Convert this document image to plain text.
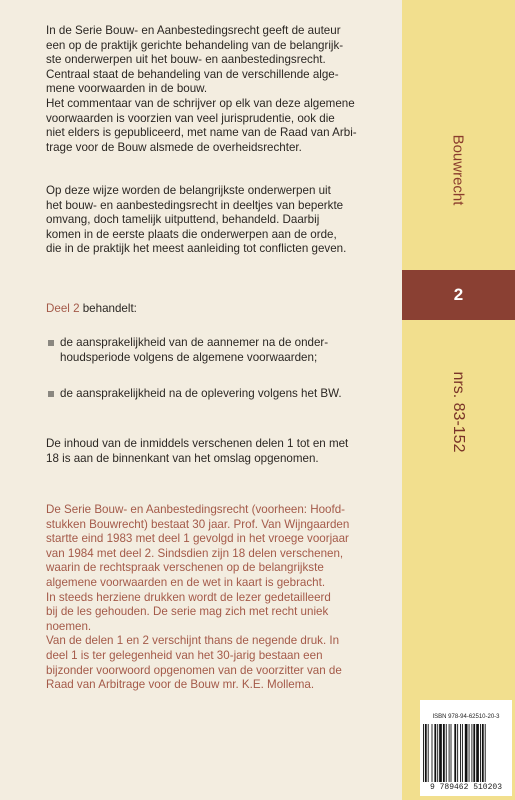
In de Serie Bouw- en Aanbestedingsrecht geeft de auteur
een op de praktijk gerichte behandeling van de belangrijk-
ste onderwerpen uit het bouw- en aanbestedingsrecht.
Centraal staat de behandeling van de verschillende alge-
mene voorwaarden in de bouw.
Het commentaar van de schrijver op elk van deze algemene
voorwaarden is voorzien van veel jurisprudentie, ook die
niet elders is gepubliceerd, met name van de Raad van Arbi-
trage voor de Bouw alsmede de overheidsrechter.

Op deze wijze worden de belangrijkste onderwerpen uit
het bouw- en aanbestedingsrecht in deeltjes van beperkte
omvang, doch tamelijk uitputtend, behandeld. Daarbij
komen in de eerste plaats die onderwerpen aan de orde,
die in de praktijk het meest aanleiding tot conflicten geven.

Deel 2 behandelt:
de aansprakelijkheid van de aannemer na de onder-
houdsperiode volgens de algemene voorwaarden;
de aansprakelijkheid na de oplevering volgens het BW.

De inhoud van de inmiddels verschenen delen 1 tot en met
18 is aan de binnenkant van het omslag opgenomen.

De Serie Bouw- en Aanbestedingsrecht (voorheen: Hoofd-
stukken Bouwrecht) bestaat 30 jaar. Prof. Van Wijngaarden
startte eind 1983 met deel 1 gevolgd in het vroege voorjaar
van 1984 met deel 2. Sindsdien zijn 18 delen verschenen,
waarin de rechtspraak verschenen op de belangrijkste
algemene voorwaarden en de wet in kaart is gebracht.
In steeds herziene drukken wordt de lezer gedetailleerd
bij de les gehouden. De serie mag zich met recht uniek
noemen.
Van de delen 1 en 2 verschijnt thans de negende druk. In
deel 1 is ter gelegenheid van het 30-jarig bestaan een
bijzonder voorwoord opgenomen van de voorzitter van de
Raad van Arbitrage voor de Bouw mr. K.E. Mollema.

Bouwrecht
2
nrs. 83-152
ISBN 978-94-62510-20-3
9 789462 510203
